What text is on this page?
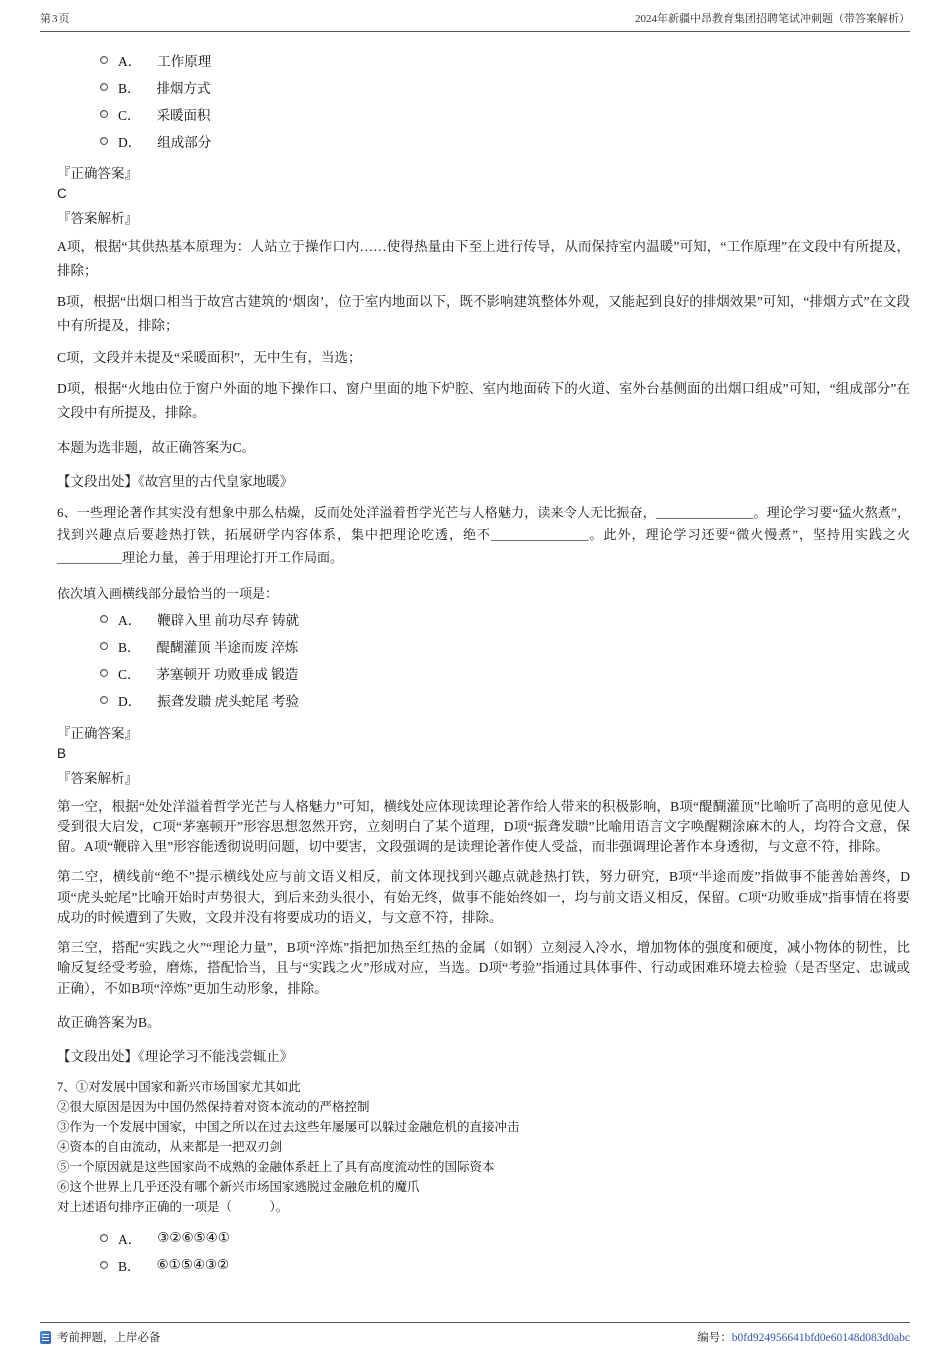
第3页	2024年新疆中昂教育集团招聘笔试冲刺题（带答案解析）
A． 工作原理
B． 排烟方式
C． 采暖面积
D． 组成部分
『正确答案』
C
『答案解析』

A项，根据“其供热基本原理为：人站立于操作口内……使得热量由下至上进行传导，从而保持室内温暖”可知，“工作原理”在文段中有所提及，排除；

B项，根据“出烟口相当于故宫古建筑的‘烟囱’，位于室内地面以下，既不影响建筑整体外观，又能起到良好的排烟效果”可知，“排烟方式”在文段中有所提及，排除；

C项，文段并未提及“采暖面积”，无中生有，当选；

D项，根据“火地由位于窗户外面的地下操作口、窗户里面的地下炉腔、室内地面砖下的火道、室外台基侧面的出烟口组成”可知，“组成部分”在文段中有所提及，排除。

本题为选非题，故正确答案为C。
【文段出处】《故宫里的古代皇家地暖》

6、一些理论著作其实没有想象中那么枯燥，反而处处洋溢着哲学光芒与人格魅力，读来令人无比振奋，_______________。理论学习要“猛火熬煮”，找到兴趣点后要趁热打铁，拓展研学内容体系，集中把理论吃透，绝不_______________。此外，理论学习还要“微火慢煮”，坚持用实践之火__________理论力量，善于用理论打开工作局面。

依次填入画横线部分最恰当的一项是：
A． 鞭辟入里 前功尽弃 铸就
B． 醍醐灌顶 半途而废 淬炼
C． 茅塞顿开 功败垂成 锻造
D． 振聋发聩 虎头蛇尾 考验
『正确答案』
B
『答案解析』

第一空，根据“处处洋溢着哲学光芒与人格魅力”可知，横线处应体现读理论著作给人带来的积极影响，B项“醍醐灌顶”比喻听了高明的意见使人受到很大启发，C项“茅塞顿开”形容思想忽然开窍，立刻明白了某个道理，D项“振聋发聩”比喻用语言文字唤醒糊涂麻木的人，均符合文意，保留。A项“鞭辟入里”形容能透彻说明问题，切中要害，文段强调的是读理论著作使人受益，而非强调理论著作本身透彻，与文意不符，排除。

第二空，横线前“绝不”提示横线处应与前文语义相反，前文体现找到兴趣点就趁热打铁，努力研究，B项“半途而废”指做事不能善始善终，D项“虎头蛇尾”比喻开始时声势很大，到后来劲头很小，有始无终，做事不能始终如一，均与前文语义相反，保留。C项“功败垂成”指事情在将要成功的时候遭到了失败，文段并没有将要成功的语义，与文意不符，排除。

第三空，搭配“实践之火”“理论力量”，B项“淬炼”指把加热至红热的金属（如钢）立刻浸入冷水，增加物体的强度和硬度，减小物体的韧性，比喻反复经受考验，磨炼，搭配恰当，且与“实践之火”形成对应，当选。D项“考验”指通过具体事件、行动或困难环境去检验（是否坚定、忠诚或正确），不如B项“淬炼”更加生动形象，排除。

故正确答案为B。
【文段出处】《理论学习不能浅尝辄止》
7、①对发展中国家和新兴市场国家尤其如此
②很大原因是因为中国仍然保持着对资本流动的严格控制
③作为一个发展中国家，中国之所以在过去这些年屡屡可以躲过金融危机的直接冲击
④资本的自由流动，从来都是一把双刃剑
⑤一个原因就是这些国家尚不成熟的金融体系赶上了具有高度流动性的国际资本
⑥这个世界上几乎还没有哪个新兴市场国家逃脱过金融危机的魔爪
对上述语句排序正确的一项是（　　　）。
A． ③②⑥⑤④①
B． ⑥①⑤④③②
考前押题，上岸必备	编号：b0fd924956641bfd0e60148d083d0abc
